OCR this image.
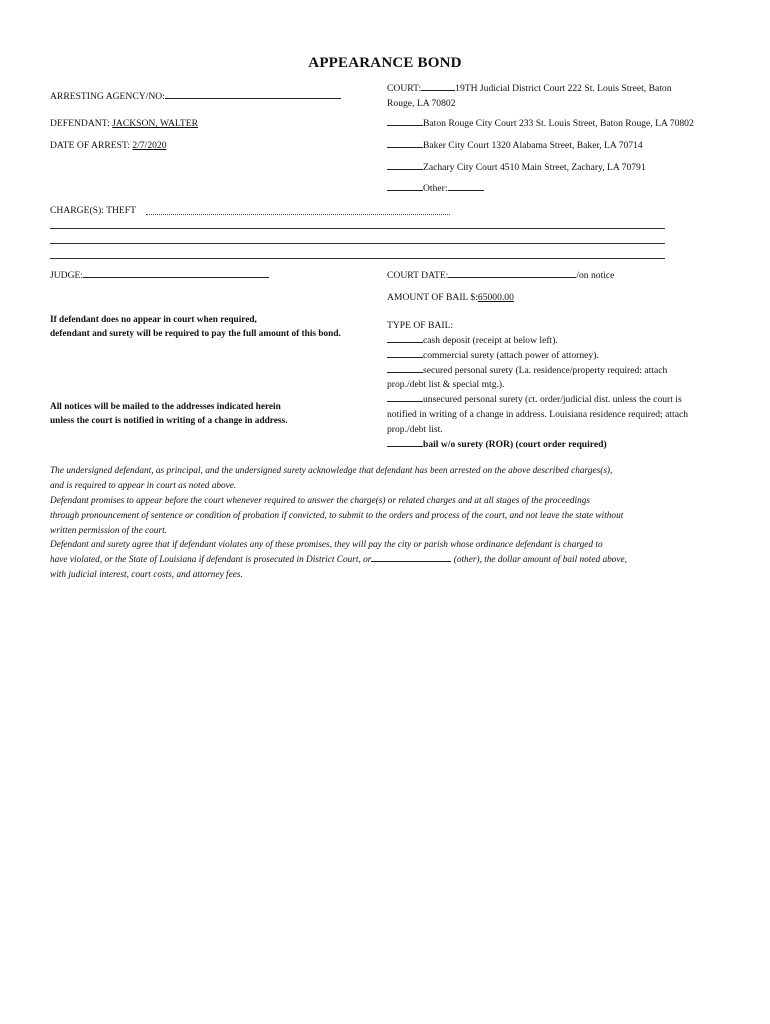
APPEARANCE BOND
ARRESTING AGENCY/NO:
DEFENDANT: JACKSON, WALTER
DATE OF ARREST: 2/7/2020
COURT:	19TH Judicial District Court 222 St. Louis Street, Baton
Rouge, LA 70802
Baton Rouge City Court 233 St. Louis Street, Baton Rouge, LA 70802
Baker City Court 1320 Alabama Street, Baker, LA 70714
Zachary City Court 4510 Main Street, Zachary, LA 70791
Other:
CHARGE(S): THEFT
JUDGE:	COURT DATE:	/on notice
AMOUNT OF BAIL $:65000.00
If defendant does no appear in court when required,
defendant and surety will be required to pay the full amount of this bond.
All notices will be mailed to the addresses indicated herein
unless the court is notified in writing of a change in address.
TYPE OF BAIL:
cash deposit (receipt at below left).
commercial surety (attach power of attorney).
secured personal surety (La. residence/property required: attach
prop./debt list & special mtg.).
unsecured personal surety (ct. order/judicial dist. unless the court is
notified in writing of a change in address. Louisiana residence required; attach
prop./debt list.
bail w/o surety (ROR) (court order required)

The undersigned defendant, as principal, and the undersigned surety acknowledge that defendant has been arrested on the above described charges(s),

and is required to appear in court as noted above.

Defendant promises to appear before the court whenever required to answer the charge(s) or related charges and at all stages of the proceedings

through pronouncement of sentence or condition of probation if convicted, to submit to the orders and process of the court, and not leave the state without

written permission of the court.

Defendant and surety agree that if defendant violates any of these promises, they will pay the city or parish whose ordinance defendant is charged to

have violated, or the State of Louisiana if defendant is prosecuted in District Court, or	(other), the dollar amount of bail noted above,

with judicial interest, court costs, and attorney fees.
